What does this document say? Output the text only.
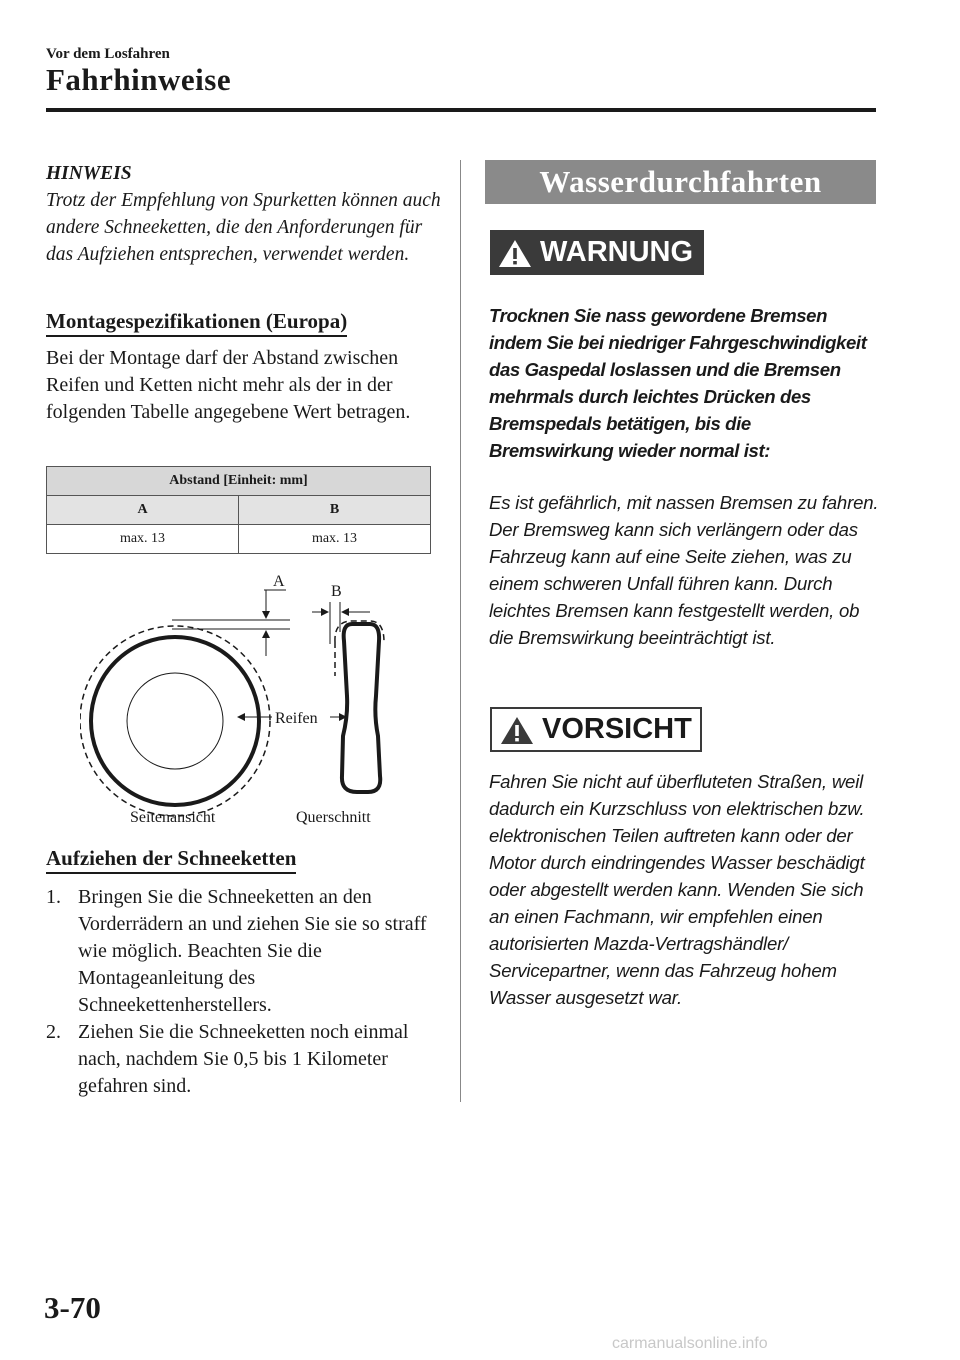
Vor dem Losfahren
Fahrhinweise
HINWEIS
Trotz der Empfehlung von Spurketten können auch andere Schneeketten, die den Anforderungen für das Aufziehen entsprechen, verwendet werden.
Montagespezifikationen (Europa)
Bei der Montage darf der Abstand zwischen Reifen und Ketten nicht mehr als der in der folgenden Tabelle angegebene Wert betragen.
Abstand [Einheit: mm]	
A	B
max. 13	max. 13
A
B
Reifen
Seitenansicht	Querschnitt
Aufziehen der Schneeketten
1. Bringen Sie die Schneeketten an den Vorderrädern an und ziehen Sie sie so straff wie möglich. Beachten Sie die Montageanleitung des Schneekettenherstellers.
2. Ziehen Sie die Schneeketten noch einmal nach, nachdem Sie 0,5 bis 1 Kilometer gefahren sind.
Wasserdurchfahrten
WARNUNG
Trocknen Sie nass gewordene Bremsen indem Sie bei niedriger Fahrgeschwindigkeit das Gaspedal loslassen und die Bremsen mehrmals durch leichtes Drücken des Bremspedals betätigen, bis die Bremswirkung wieder normal ist:
Es ist gefährlich, mit nassen Bremsen zu fahren. Der Bremsweg kann sich verlängern oder das Fahrzeug kann auf eine Seite ziehen, was zu einem schweren Unfall führen kann. Durch leichtes Bremsen kann festgestellt werden, ob die Bremswirkung beeinträchtigt ist.
VORSICHT
Fahren Sie nicht auf überfluteten Straßen, weil dadurch ein Kurzschluss von elektrischen bzw. elektronischen Teilen auftreten kann oder der Motor durch eindringendes Wasser beschädigt oder abgestellt werden kann. Wenden Sie sich an einen Fachmann, wir empfehlen einen autorisierten Mazda-Vertragshändler/ Servicepartner, wenn das Fahrzeug hohem Wasser ausgesetzt war.
3-70
carmanualsonline.info
